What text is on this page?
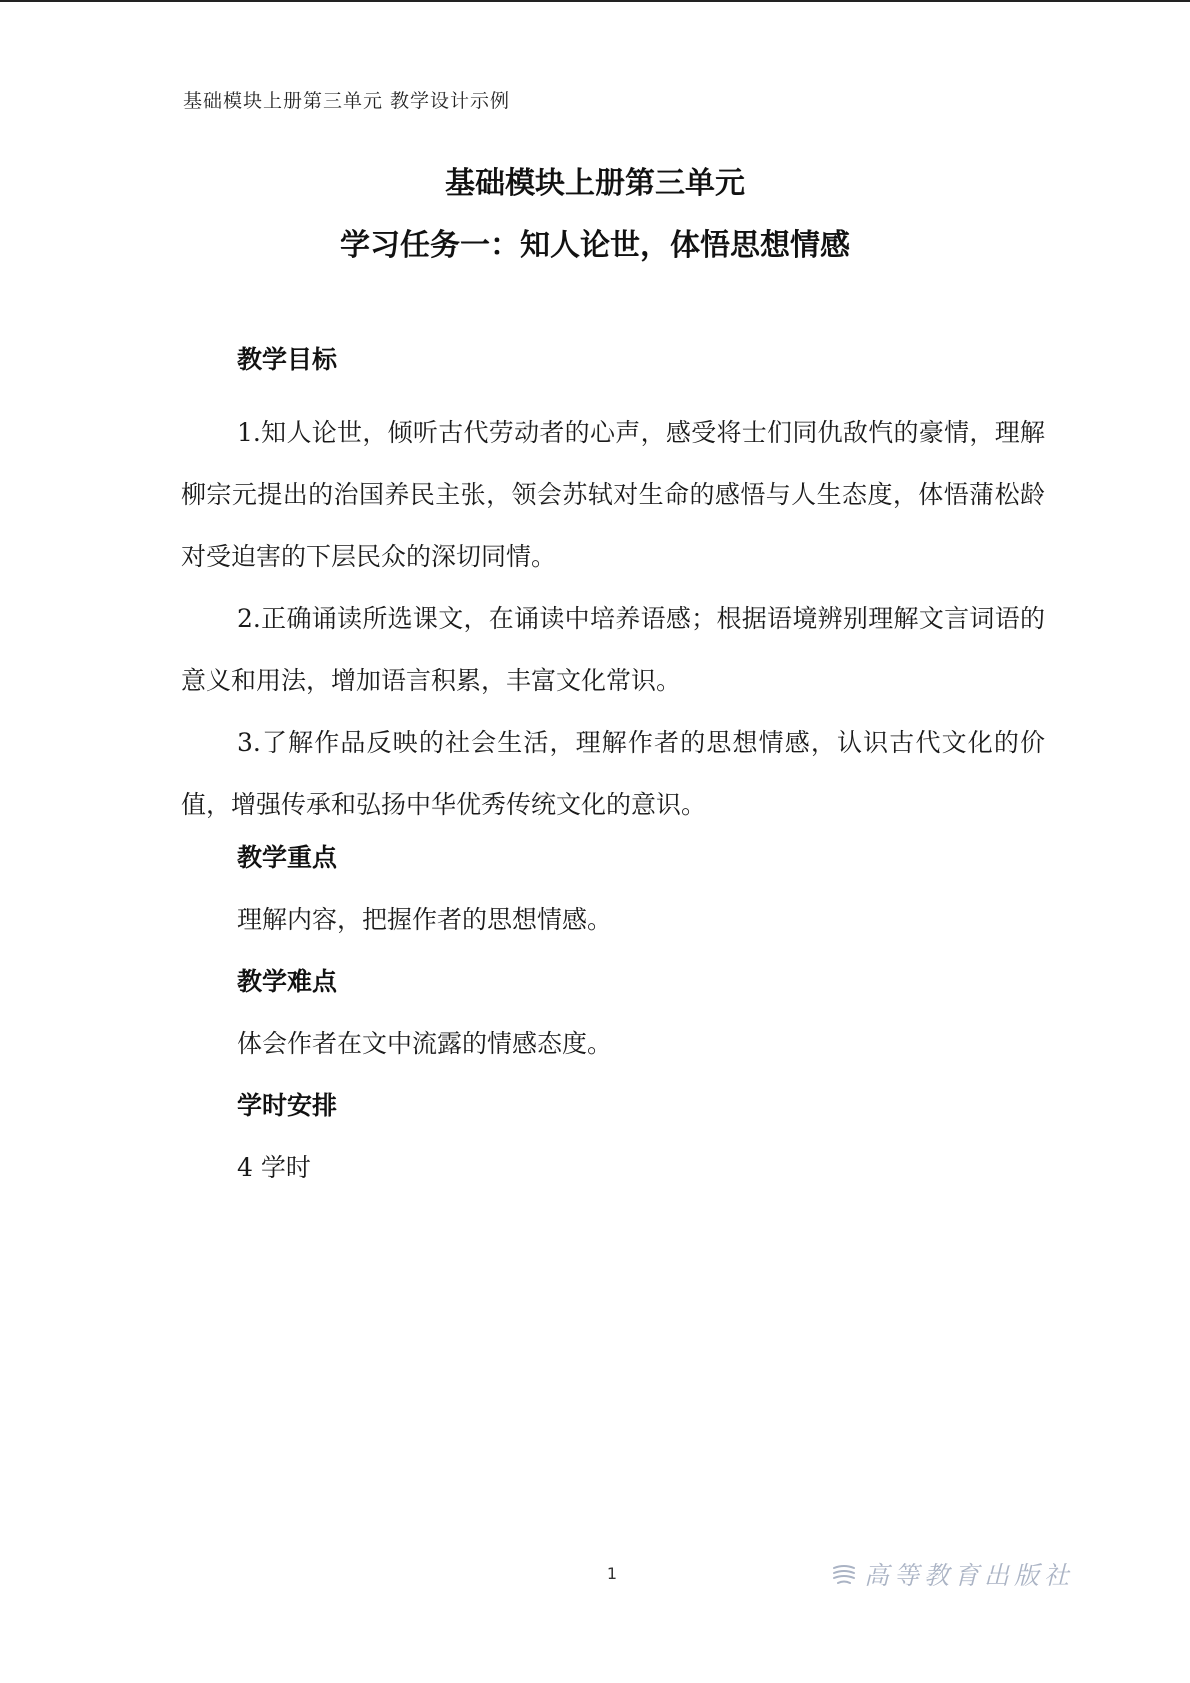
基础模块上册第三单元 教学设计示例
基础模块上册第三单元
学习任务一：知人论世，体悟思想情感
教学目标

1.知人论世，倾听古代劳动者的心声，感受将士们同仇敌忾的豪情，理解柳宗元提出的治国养民主张，领会苏轼对生命的感悟与人生态度，体悟蒲松龄对受迫害的下层民众的深切同情。

2.正确诵读所选课文，在诵读中培养语感；根据语境辨别理解文言词语的意义和用法，增加语言积累，丰富文化常识。

3.了解作品反映的社会生活，理解作者的思想情感，认识古代文化的价值，增强传承和弘扬中华优秀传统文化的意识。

教学重点

理解内容，把握作者的思想情感。

教学难点

体会作者在文中流露的情感态度。

学时安排

4 学时

1	高等教育出版社
